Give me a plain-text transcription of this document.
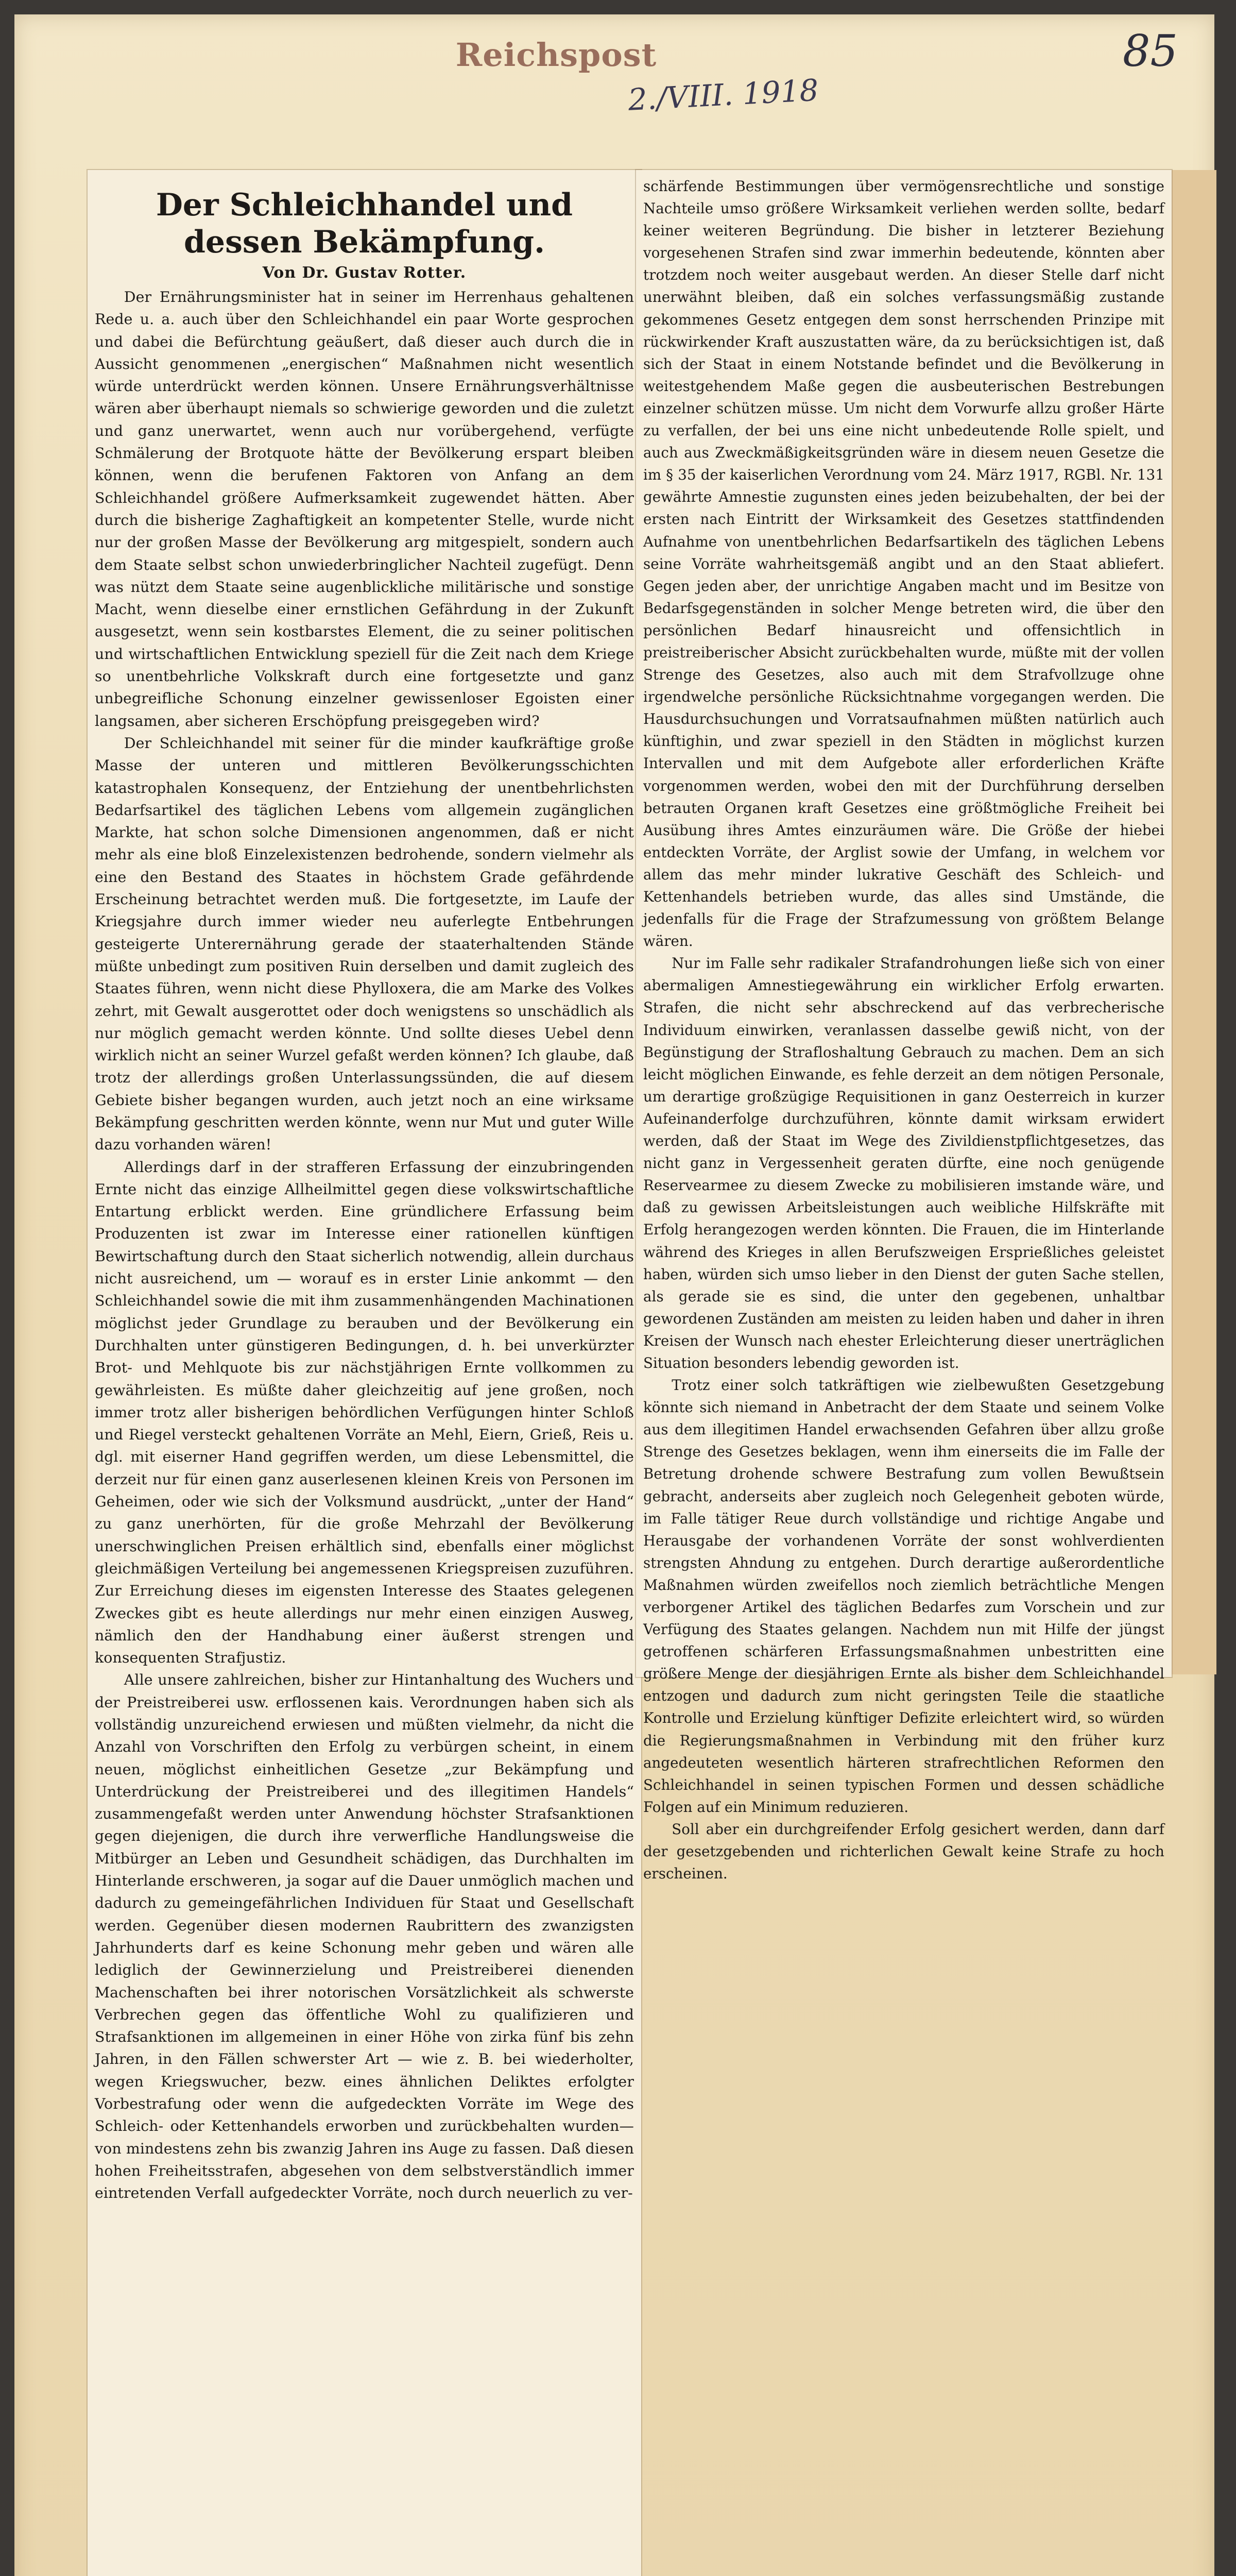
Reichspost
2./VIII. 1918
85
Der Schleichhandel und dessen Bekämpfung.
Von Dr. Gustav Rotter.

Der Ernährungsminister hat in seiner im Herrenhaus gehaltenen Rede u. a. auch über den Schleichhandel ein paar Worte gesprochen und dabei die Befürchtung geäußert, daß dieser auch durch die in Aussicht genommenen „energischen“ Maßnahmen nicht wesentlich würde unterdrückt werden können. Unsere Ernährungsverhältnisse wären aber überhaupt niemals so schwierige geworden und die zuletzt und ganz unerwartet, wenn auch nur vorübergehend, verfügte Schmälerung der Brotquote hätte der Bevölkerung erspart bleiben können, wenn die berufenen Faktoren von Anfang an dem Schleichhandel größere Aufmerksamkeit zugewendet hätten. Aber durch die bisherige Zaghaftigkeit an kompetenter Stelle, wurde nicht nur der großen Masse der Bevölkerung arg mitgespielt, sondern auch dem Staate selbst schon unwiederbringlicher Nachteil zugefügt. Denn was nützt dem Staate seine augenblickliche militärische und sonstige Macht, wenn dieselbe einer ernstlichen Gefährdung in der Zukunft ausgesetzt, wenn sein kostbarstes Element, die zu seiner politischen und wirtschaftlichen Entwicklung speziell für die Zeit nach dem Kriege so unentbehrliche Volkskraft durch eine fortgesetzte und ganz unbegreifliche Schonung einzelner gewissenloser Egoisten einer langsamen, aber sicheren Erschöpfung preisgegeben wird?

Der Schleichhandel mit seiner für die minder kaufkräftige große Masse der unteren und mittleren Bevölkerungsschichten katastrophalen Konsequenz, der Entziehung der unentbehrlichsten Bedarfsartikel des täglichen Lebens vom allgemein zugänglichen Markte, hat schon solche Dimensionen angenommen, daß er nicht mehr als eine bloß Einzelexistenzen bedrohende, sondern vielmehr als eine den Bestand des Staates in höchstem Grade gefährdende Erscheinung betrachtet werden muß. Die fortgesetzte, im Laufe der Kriegsjahre durch immer wieder neu auferlegte Entbehrungen gesteigerte Unterernährung gerade der staaterhaltenden Stände müßte unbedingt zum positiven Ruin derselben und damit zugleich des Staates führen, wenn nicht diese Phylloxera, die am Marke des Volkes zehrt, mit Gewalt ausgerottet oder doch wenigstens so unschädlich als nur möglich gemacht werden könnte. Und sollte dieses Uebel denn wirklich nicht an seiner Wurzel gefaßt werden können? Ich glaube, daß trotz der allerdings großen Unterlassungssünden, die auf diesem Gebiete bisher begangen wurden, auch jetzt noch an eine wirksame Bekämpfung geschritten werden könnte, wenn nur Mut und guter Wille dazu vorhanden wären!

Allerdings darf in der strafferen Erfassung der einzubringenden Ernte nicht das einzige Allheilmittel gegen diese volkswirtschaftliche Entartung erblickt werden. Eine gründlichere Erfassung beim Produzenten ist zwar im Interesse einer rationellen künftigen Bewirtschaftung durch den Staat sicherlich notwendig, allein durchaus nicht ausreichend, um — worauf es in erster Linie ankommt — den Schleichhandel sowie die mit ihm zusammenhängenden Machinationen möglichst jeder Grundlage zu berauben und der Bevölkerung ein Durchhalten unter günstigeren Bedingungen, d. h. bei unverkürzter Brot- und Mehlquote bis zur nächstjährigen Ernte vollkommen zu gewährleisten. Es müßte daher gleichzeitig auf jene großen, noch immer trotz aller bisherigen behördlichen Verfügungen hinter Schloß und Riegel versteckt gehaltenen Vorräte an Mehl, Eiern, Grieß, Reis u. dgl. mit eiserner Hand gegriffen werden, um diese Lebensmittel, die derzeit nur für einen ganz auserlesenen kleinen Kreis von Personen im Geheimen, oder wie sich der Volksmund ausdrückt, „unter der Hand“ zu ganz unerhörten, für die große Mehrzahl der Bevölkerung unerschwinglichen Preisen erhältlich sind, ebenfalls einer möglichst gleichmäßigen Verteilung bei angemessenen Kriegspreisen zuzuführen. Zur Erreichung dieses im eigensten Interesse des Staates gelegenen Zweckes gibt es heute allerdings nur mehr einen einzigen Ausweg, nämlich den der Handhabung einer äußerst strengen und konsequenten Strafjustiz.

Alle unsere zahlreichen, bisher zur Hintanhaltung des Wuchers und der Preistreiberei usw. erflossenen kais. Verordnungen haben sich als vollständig unzureichend erwiesen und müßten vielmehr, da nicht die Anzahl von Vorschriften den Erfolg zu verbürgen scheint, in einem neuen, möglichst einheitlichen Gesetze „zur Bekämpfung und Unterdrückung der Preistreiberei und des illegitimen Handels“ zusammengefaßt werden unter Anwendung höchster Strafsanktionen gegen diejenigen, die durch ihre verwerfliche Handlungsweise die Mitbürger an Leben und Gesundheit schädigen, das Durchhalten im Hinterlande erschweren, ja sogar auf die Dauer unmöglich machen und dadurch zu gemeingefährlichen Individuen für Staat und Gesellschaft werden. Gegenüber diesen modernen Raubrittern des zwanzigsten Jahrhunderts darf es keine Schonung mehr geben und wären alle lediglich der Gewinnerzielung und Preistreiberei dienenden Machenschaften bei ihrer notorischen Vorsätzlichkeit als schwerste Verbrechen gegen das öffentliche Wohl zu qualifizieren und Strafsanktionen im allgemeinen in einer Höhe von zirka fünf bis zehn Jahren, in den Fällen schwerster Art — wie z. B. bei wiederholter, wegen Kriegswucher, bezw. eines ähnlichen Deliktes erfolgter Vorbestrafung oder wenn die aufgedeckten Vorräte im Wege des Schleich- oder Kettenhandels erworben und zurückbehalten wurden—von mindestens zehn bis zwanzig Jahren ins Auge zu fassen. Daß diesen hohen Freiheitsstrafen, abgesehen von dem selbstverständlich immer eintretenden Verfall aufgedeckter Vorräte, noch durch neuerlich zu ver-

schärfende Bestimmungen über vermögensrechtliche und sonstige Nachteile umso größere Wirksamkeit verliehen werden sollte, bedarf keiner weiteren Begründung. Die bisher in letzterer Beziehung vorgesehenen Strafen sind zwar immerhin bedeutende, könnten aber trotzdem noch weiter ausgebaut werden. An dieser Stelle darf nicht unerwähnt bleiben, daß ein solches verfassungsmäßig zustande gekommenes Gesetz entgegen dem sonst herrschenden Prinzipe mit rückwirkender Kraft auszustatten wäre, da zu berücksichtigen ist, daß sich der Staat in einem Notstande befindet und die Bevölkerung in weitestgehendem Maße gegen die ausbeuterischen Bestrebungen einzelner schützen müsse. Um nicht dem Vorwurfe allzu großer Härte zu verfallen, der bei uns eine nicht unbedeutende Rolle spielt, und auch aus Zweckmäßigkeitsgründen wäre in diesem neuen Gesetze die im § 35 der kaiserlichen Verordnung vom 24. März 1917, RGBl. Nr. 131 gewährte Amnestie zugunsten eines jeden beizubehalten, der bei der ersten nach Eintritt der Wirksamkeit des Gesetzes stattfindenden Aufnahme von unentbehrlichen Bedarfsartikeln des täglichen Lebens seine Vorräte wahrheitsgemäß angibt und an den Staat abliefert. Gegen jeden aber, der unrichtige Angaben macht und im Besitze von Bedarfsgegenständen in solcher Menge betreten wird, die über den persönlichen Bedarf hinausreicht und offensichtlich in preistreiberischer Absicht zurückbehalten wurde, müßte mit der vollen Strenge des Gesetzes, also auch mit dem Strafvollzuge ohne irgendwelche persönliche Rücksichtnahme vorgegangen werden. Die Hausdurchsuchungen und Vorratsaufnahmen müßten natürlich auch künftighin, und zwar speziell in den Städten in möglichst kurzen Intervallen und mit dem Aufgebote aller erforderlichen Kräfte vorgenommen werden, wobei den mit der Durchführung derselben betrauten Organen kraft Gesetzes eine größtmögliche Freiheit bei Ausübung ihres Amtes einzuräumen wäre. Die Größe der hiebei entdeckten Vorräte, der Arglist sowie der Umfang, in welchem vor allem das mehr minder lukrative Geschäft des Schleich- und Kettenhandels betrieben wurde, das alles sind Umstände, die jedenfalls für die Frage der Strafzumessung von größtem Belange wären.

Nur im Falle sehr radikaler Strafandrohungen ließe sich von einer abermaligen Amnestiegewährung ein wirklicher Erfolg erwarten. Strafen, die nicht sehr abschreckend auf das verbrecherische Individuum einwirken, veranlassen dasselbe gewiß nicht, von der Begünstigung der Strafloshaltung Gebrauch zu machen. Dem an sich leicht möglichen Einwande, es fehle derzeit an dem nötigen Personale, um derartige großzügige Requisitionen in ganz Oesterreich in kurzer Aufeinanderfolge durchzuführen, könnte damit wirksam erwidert werden, daß der Staat im Wege des Zivildienstpflichtgesetzes, das nicht ganz in Vergessenheit geraten dürfte, eine noch genügende Reservearmee zu diesem Zwecke zu mobilisieren imstande wäre, und daß zu gewissen Arbeitsleistungen auch weibliche Hilfskräfte mit Erfolg herangezogen werden könnten. Die Frauen, die im Hinterlande während des Krieges in allen Berufszweigen Ersprießliches geleistet haben, würden sich umso lieber in den Dienst der guten Sache stellen, als gerade sie es sind, die unter den gegebenen, unhaltbar gewordenen Zuständen am meisten zu leiden haben und daher in ihren Kreisen der Wunsch nach ehester Erleichterung dieser unerträglichen Situation besonders lebendig geworden ist.

Trotz einer solch tatkräftigen wie zielbewußten Gesetzgebung könnte sich niemand in Anbetracht der dem Staate und seinem Volke aus dem illegitimen Handel erwachsenden Gefahren über allzu große Strenge des Gesetzes beklagen, wenn ihm einerseits die im Falle der Betretung drohende schwere Bestrafung zum vollen Bewußtsein gebracht, anderseits aber zugleich noch Gelegenheit geboten würde, im Falle tätiger Reue durch vollständige und richtige Angabe und Herausgabe der vorhandenen Vorräte der sonst wohlverdienten strengsten Ahndung zu entgehen. Durch derartige außerordentliche Maßnahmen würden zweifellos noch ziemlich beträchtliche Mengen verborgener Artikel des täglichen Bedarfes zum Vorschein und zur Verfügung des Staates gelangen. Nachdem nun mit Hilfe der jüngst getroffenen schärferen Erfassungsmaßnahmen unbestritten eine größere Menge der diesjährigen Ernte als bisher dem Schleichhandel entzogen und dadurch zum nicht geringsten Teile die staatliche Kontrolle und Erzielung künftiger Defizite erleichtert wird, so würden die Regierungsmaßnahmen in Verbindung mit den früher kurz angedeuteten wesentlich härteren strafrechtlichen Reformen den Schleichhandel in seinen typischen Formen und dessen schädliche Folgen auf ein Minimum reduzieren.

Soll aber ein durchgreifender Erfolg gesichert werden, dann darf der gesetzgebenden und richterlichen Gewalt keine Strafe zu hoch erscheinen.
